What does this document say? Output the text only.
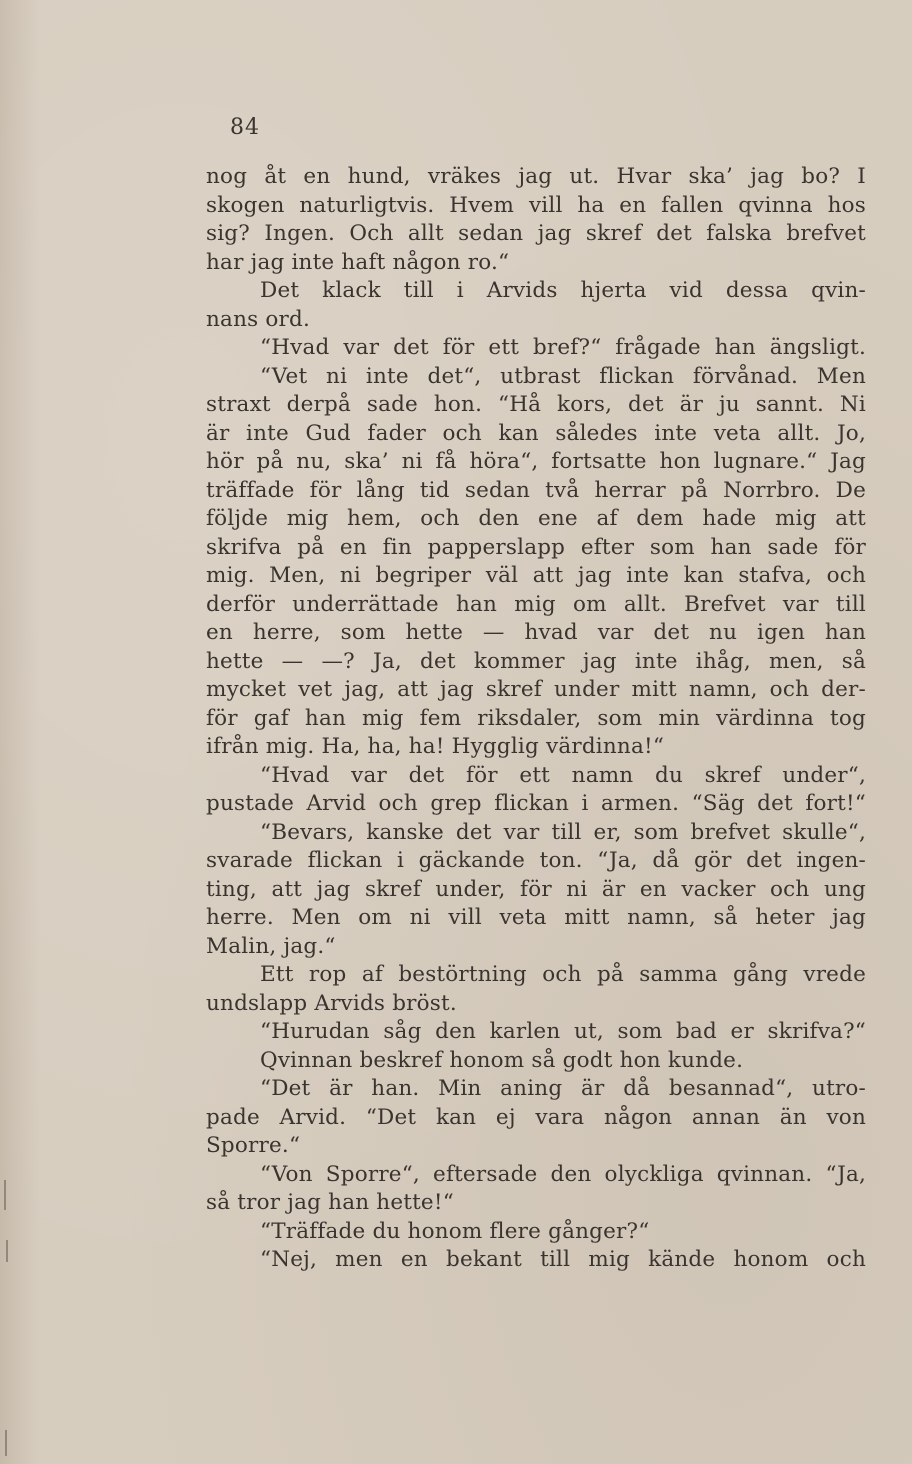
84
nog åt en hund, vräkes jag ut. Hvar ska’ jag bo? I
skogen naturligtvis. Hvem vill ha en fallen qvinna hos
sig? Ingen. Och allt sedan jag skref det falska brefvet
har jag inte haft någon ro.“
Det klack till i Arvids hjerta vid dessa qvin-
nans ord.
“Hvad var det för ett bref?“ frågade han ängsligt.
“Vet ni inte det“, utbrast flickan förvånad. Men
straxt derpå sade hon. “Hå kors, det är ju sannt. Ni
är inte Gud fader och kan således inte veta allt. Jo,
hör på nu, ska’ ni få höra“, fortsatte hon lugnare.“ Jag
träffade för lång tid sedan två herrar på Norrbro. De
följde mig hem, och den ene af dem hade mig att
skrifva på en fin papperslapp efter som han sade för
mig. Men, ni begriper väl att jag inte kan stafva, och
derför underrättade han mig om allt. Brefvet var till
en herre, som hette — hvad var det nu igen han
hette — —? Ja, det kommer jag inte ihåg, men, så
mycket vet jag, att jag skref under mitt namn, och der-
för gaf han mig fem riksdaler, som min värdinna tog
ifrån mig. Ha, ha, ha! Hygglig värdinna!“
“Hvad var det för ett namn du skref under“,
pustade Arvid och grep flickan i armen. “Säg det fort!“
“Bevars, kanske det var till er, som brefvet skulle“,
svarade flickan i gäckande ton. “Ja, då gör det ingen-
ting, att jag skref under, för ni är en vacker och ung
herre. Men om ni vill veta mitt namn, så heter jag
Malin, jag.“
Ett rop af bestörtning och på samma gång vrede
undslapp Arvids bröst.
“Hurudan såg den karlen ut, som bad er skrifva?“
Qvinnan beskref honom så godt hon kunde.
“Det är han. Min aning är då besannad“, utro-
pade Arvid. “Det kan ej vara någon annan än von
Sporre.“
“Von Sporre“, eftersade den olyckliga qvinnan. “Ja,
så tror jag han hette!“
“Träffade du honom flere gånger?“
“Nej, men en bekant till mig kände honom och
